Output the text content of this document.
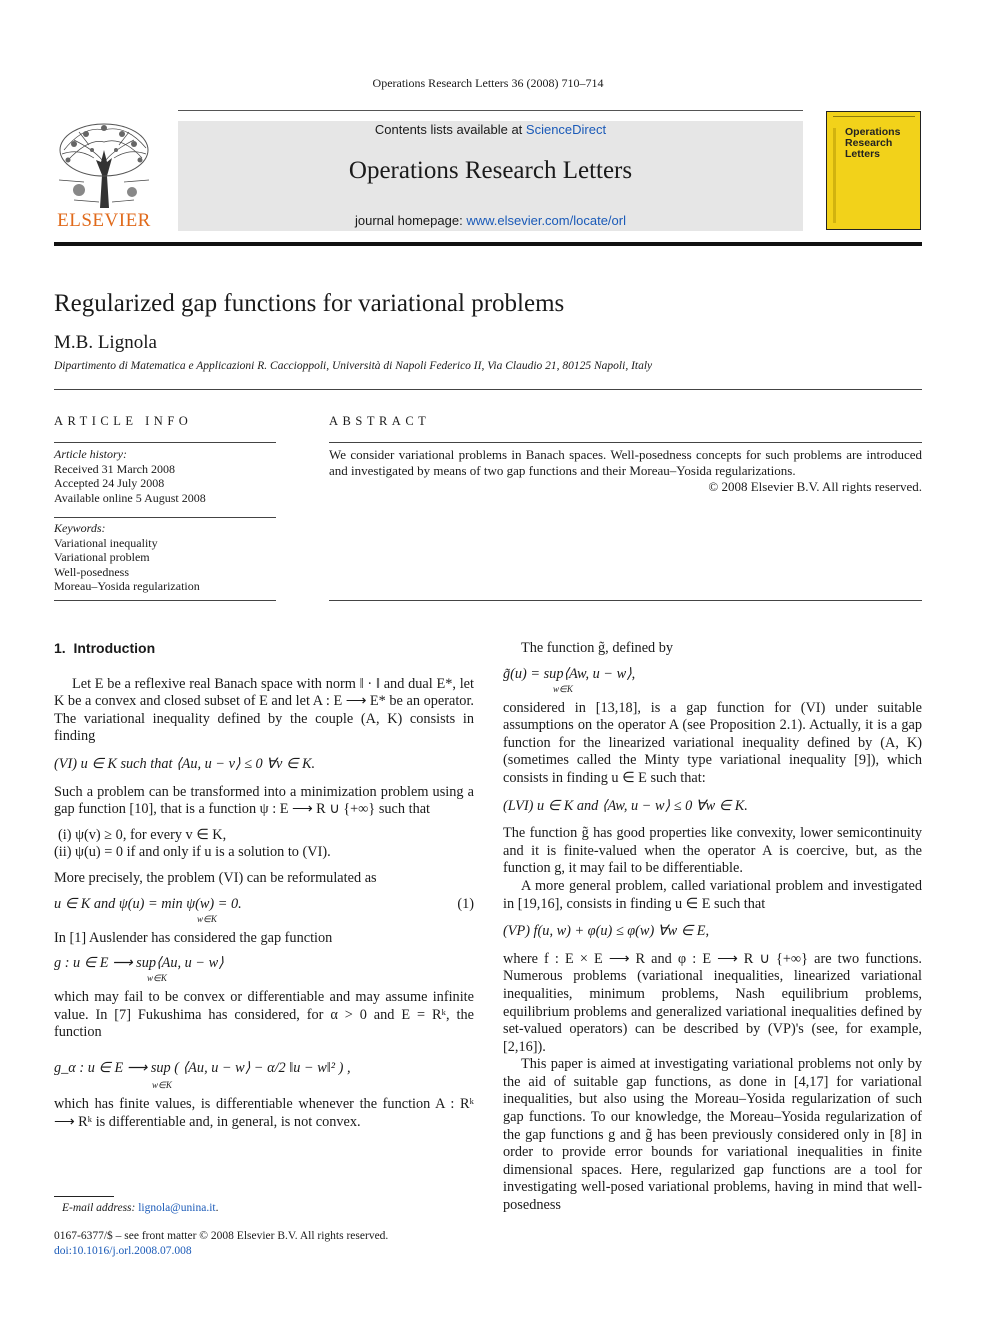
Operations Research Letters 36 (2008) 710–714
ELSEVIER
Contents lists available at ScienceDirect
Operations Research Letters
journal homepage: www.elsevier.com/locate/orl
Operations
Research
Letters
Regularized gap functions for variational problems
M.B. Lignola
Dipartimento di Matematica e Applicazioni R. Caccioppoli, Università di Napoli Federico II, Via Claudio 21, 80125 Napoli, Italy
ARTICLE INFO
Article history:
Received 31 March 2008
Accepted 24 July 2008
Available online 5 August 2008
Keywords:
Variational inequality
Variational problem
Well-posedness
Moreau–Yosida regularization
ABSTRACT
We consider variational problems in Banach spaces. Well-posedness concepts for such problems are introduced and investigated by means of two gap functions and their Moreau–Yosida regularizations.
© 2008 Elsevier B.V. All rights reserved.

1. Introduction

Let E be a reflexive real Banach space with norm ‖ · ‖ and dual E*, let K be a convex and closed subset of E and let A : E ⟶ E* be an operator. The variational inequality defined by the couple (A, K) consists in finding

(VI) u ∈ K such that ⟨Au, u − v⟩ ≤ 0 ∀v ∈ K.

Such a problem can be transformed into a minimization problem using a gap function [10], that is a function ψ : E ⟶ R ∪ {+∞} such that

(i) ψ(v) ≥ 0, for every v ∈ K,

(ii) ψ(u) = 0 if and only if u is a solution to (VI).

More precisely, the problem (VI) can be reformulated as

u ∈ K and ψ(u) = min ψ(w) = 0.
w∈K
(1)

In [1] Auslender has considered the gap function

g : u ∈ E ⟶ sup⟨Au, u − w⟩
w∈K

which may fail to be convex or differentiable and may assume infinite value. In [7] Fukushima has considered, for α > 0 and E = Rᵏ, the function

g_α : u ∈ E ⟶ sup ( ⟨Au, u − w⟩ − α/2 ‖u − w‖² ) ,
w∈K

which has finite values, is differentiable whenever the function A : Rᵏ ⟶ Rᵏ is differentiable and, in general, is not convex.

E-mail address: lignola@unina.it.
0167-6377/$ – see front matter © 2008 Elsevier B.V. All rights reserved.
doi:10.1016/j.orl.2008.07.008

The function g̃, defined by

g̃(u) = sup⟨Aw, u − w⟩,
w∈K

considered in [13,18], is a gap function for (VI) under suitable assumptions on the operator A (see Proposition 2.1). Actually, it is a gap function for the linearized variational inequality defined by (A, K) (sometimes called the Minty type variational inequality [9]), which consists in finding u ∈ E such that:

(LVI) u ∈ K and ⟨Aw, u − w⟩ ≤ 0 ∀w ∈ K.

The function g̃ has good properties like convexity, lower semicontinuity and it is finite-valued when the operator A is coercive, but, as the function g, it may fail to be differentiable.

A more general problem, called variational problem and investigated in [19,16], consists in finding u ∈ E such that

(VP) f(u, w) + φ(u) ≤ φ(w) ∀w ∈ E,

where f : E × E ⟶ R and φ : E ⟶ R ∪ {+∞} are two functions. Numerous problems (variational inequalities, linearized variational inequalities, minimum problems, Nash equilibrium problems, equilibrium problems and generalized variational inequalities defined by set-valued operators) can be described by (VP)'s (see, for example, [2,16]).

This paper is aimed at investigating variational problems not only by the aid of suitable gap functions, as done in [4,17] for variational inequalities, but also using the Moreau–Yosida regularization of such gap functions. To our knowledge, the Moreau–Yosida regularization of the gap functions g and g̃ has been previously considered only in [8] in order to provide error bounds for variational inequalities in finite dimensional spaces. Here, regularized gap functions are a tool for investigating well-posed variational problems, having in mind that well-posedness
